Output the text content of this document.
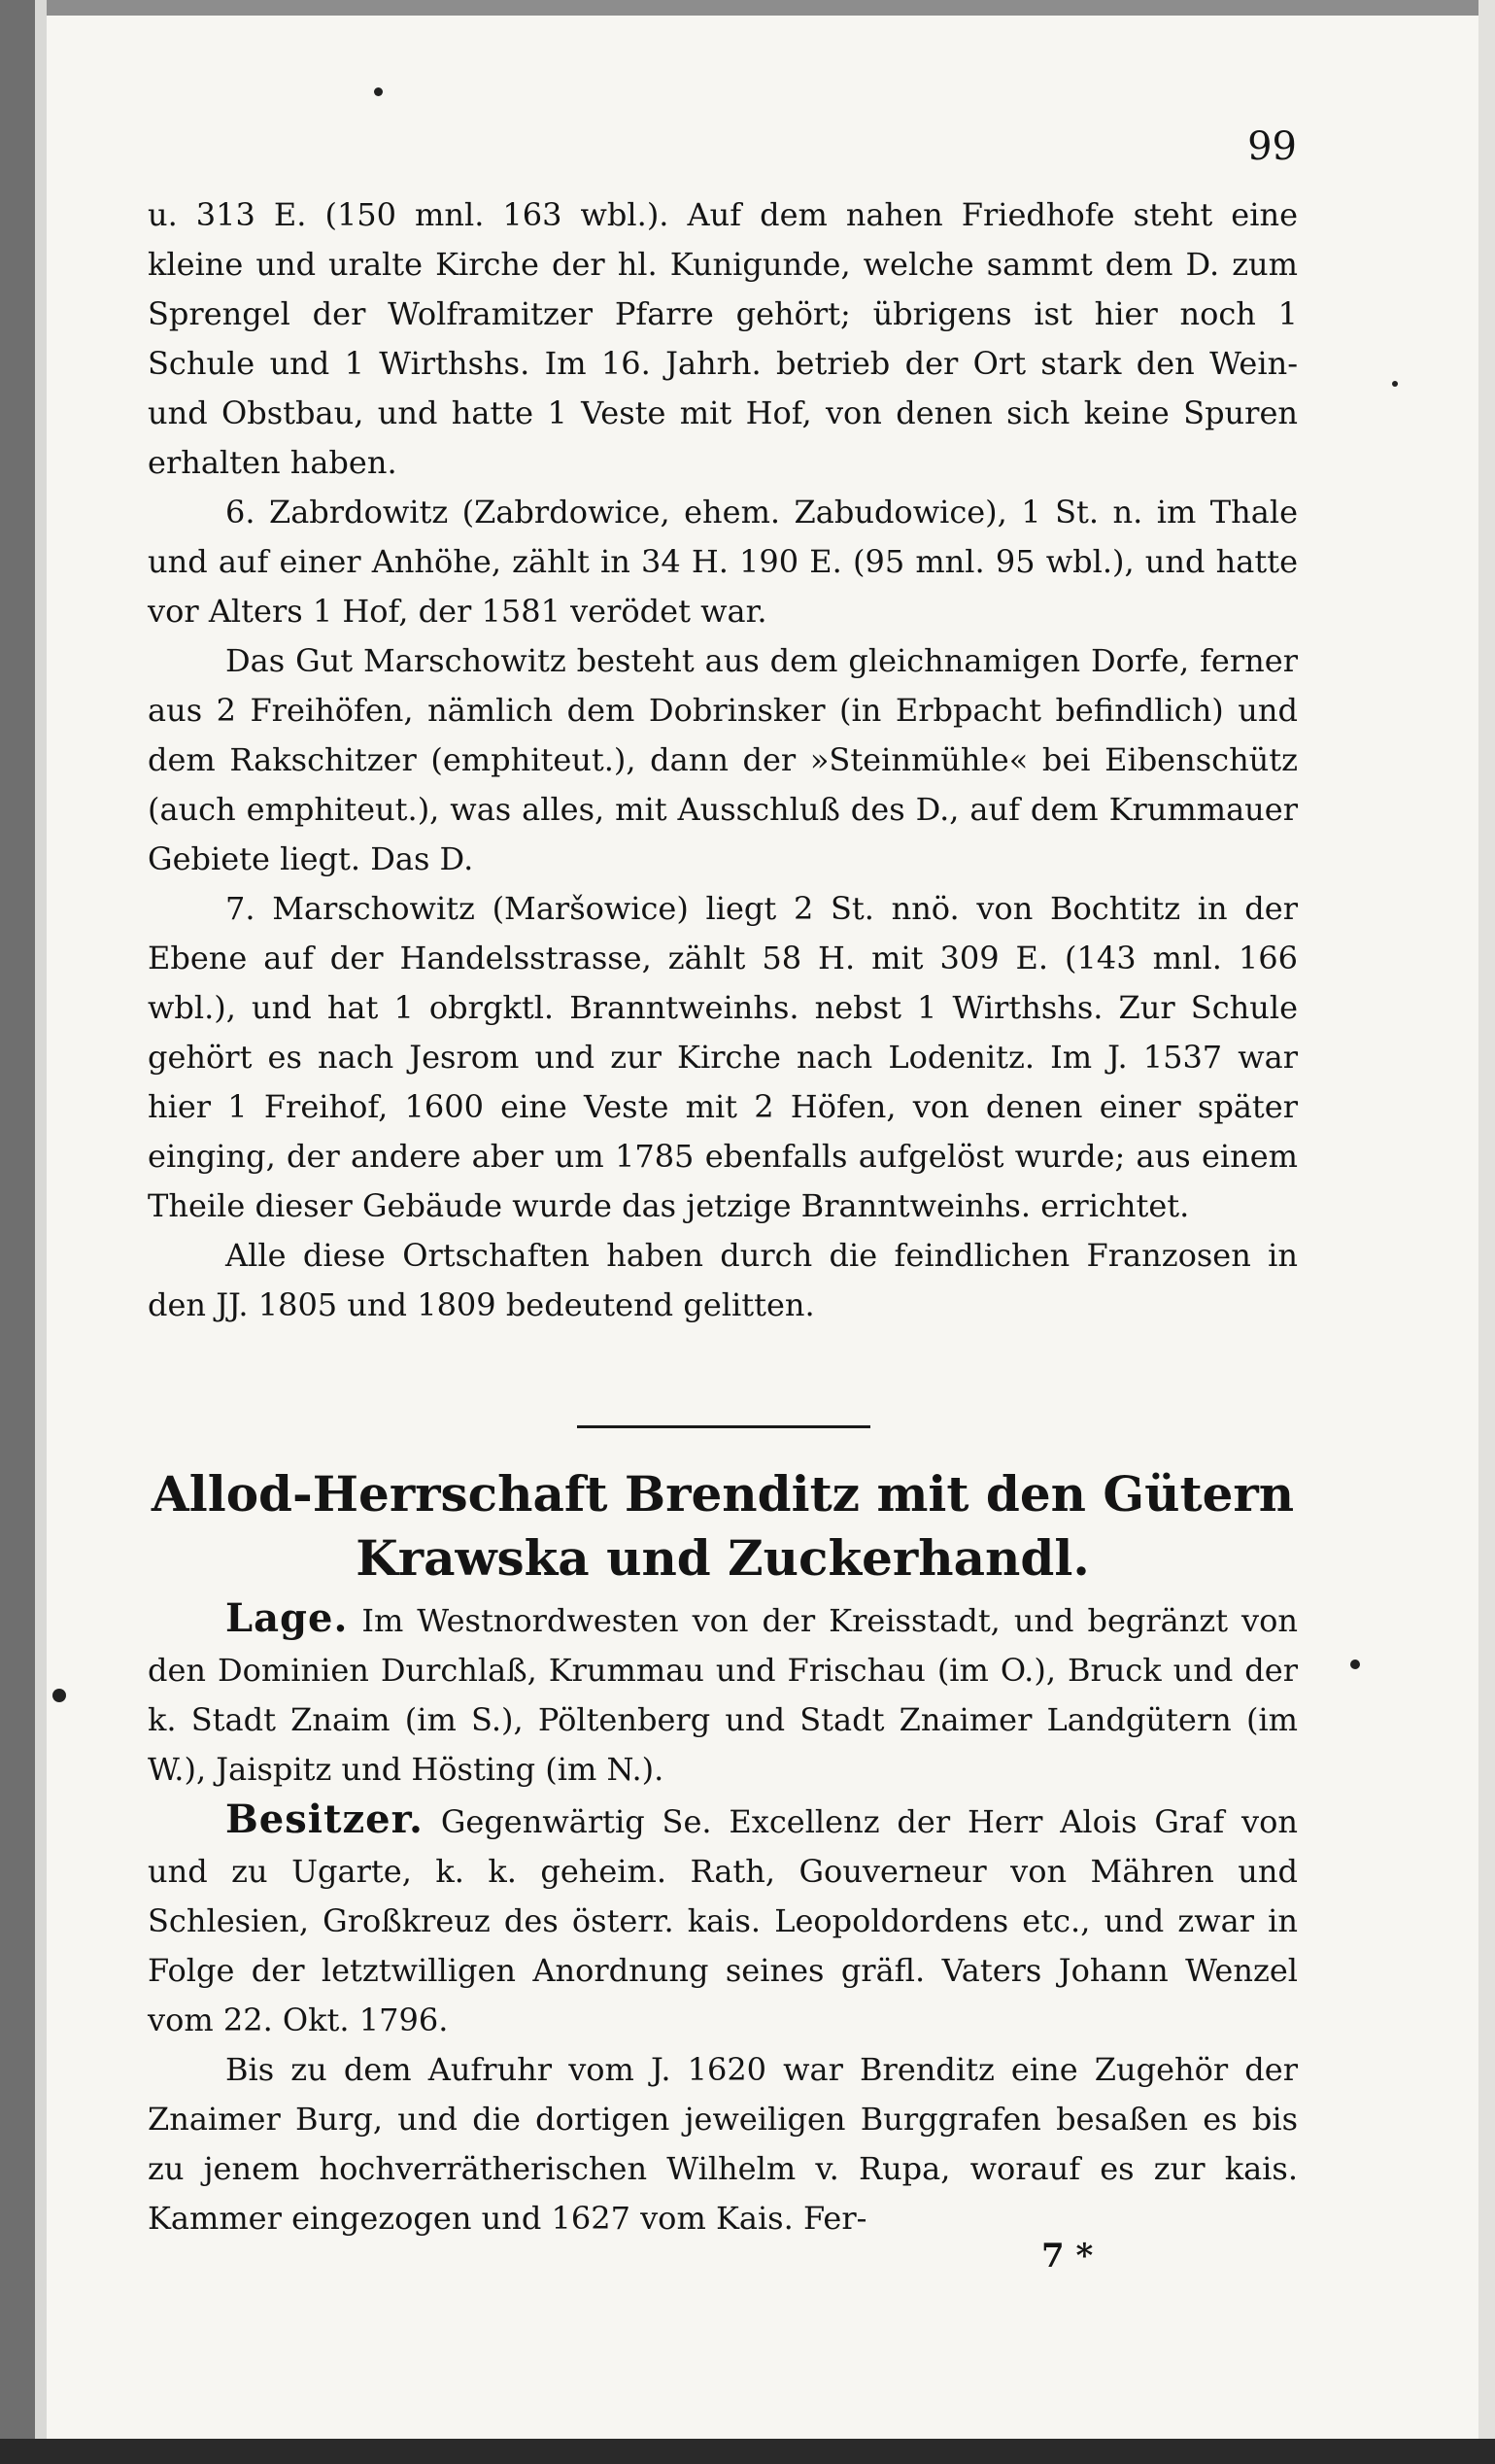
99

u. 313 E. (150 mnl. 163 wbl.). Auf dem nahen Friedhofe steht eine kleine und uralte Kirche der hl. Kunigunde, welche sammt dem D. zum Sprengel der Wolframitzer Pfarre gehört; übrigens ist hier noch 1 Schule und 1 Wirthshs. Im 16. Jahrh. betrieb der Ort stark den Wein- und Obstbau, und hatte 1 Veste mit Hof, von denen sich keine Spuren erhalten haben.

6. Zabrdowitz (Zabrdowice, ehem. Zabudowice), 1 St. n. im Thale und auf einer Anhöhe, zählt in 34 H. 190 E. (95 mnl. 95 wbl.), und hatte vor Alters 1 Hof, der 1581 verödet war.

Das Gut Marschowitz besteht aus dem gleichnamigen Dorfe, ferner aus 2 Freihöfen, nämlich dem Dobrinsker (in Erbpacht befindlich) und dem Rakschitzer (emphiteut.), dann der »Steinmühle« bei Eibenschütz (auch emphiteut.), was alles, mit Ausschluß des D., auf dem Krummauer Gebiete liegt. Das D.

7. Marschowitz (Maršowice) liegt 2 St. nnö. von Bochtitz in der Ebene auf der Handelsstrasse, zählt 58 H. mit 309 E. (143 mnl. 166 wbl.), und hat 1 obrgktl. Branntweinhs. nebst 1 Wirthshs. Zur Schule gehört es nach Jesrom und zur Kirche nach Lodenitz. Im J. 1537 war hier 1 Freihof, 1600 eine Veste mit 2 Höfen, von denen einer später einging, der andere aber um 1785 ebenfalls aufgelöst wurde; aus einem Theile dieser Gebäude wurde das jetzige Branntweinhs. errichtet.

Alle diese Ortschaften haben durch die feindlichen Franzosen in den JJ. 1805 und 1809 bedeutend gelitten.

Allod-Herrschaft Brenditz mit den Gütern
Krawska und Zuckerhandl.

Lage. Im Westnordwesten von der Kreisstadt, und begränzt von den Dominien Durchlaß, Krummau und Frischau (im O.), Bruck und der k. Stadt Znaim (im S.), Pöltenberg und Stadt Znaimer Landgütern (im W.), Jaispitz und Hösting (im N.).

Besitzer. Gegenwärtig Se. Excellenz der Herr Alois Graf von und zu Ugarte, k. k. geheim. Rath, Gouverneur von Mähren und Schlesien, Großkreuz des österr. kais. Leopoldordens etc., und zwar in Folge der letztwilligen Anordnung seines gräfl. Vaters Johann Wenzel vom 22. Okt. 1796.

Bis zu dem Aufruhr vom J. 1620 war Brenditz eine Zugehör der Znaimer Burg, und die dortigen jeweiligen Burggrafen besaßen es bis zu jenem hochverrätherischen Wilhelm v. Rupa, worauf es zur kais. Kammer eingezogen und 1627 vom Kais. Fer-

7 *
